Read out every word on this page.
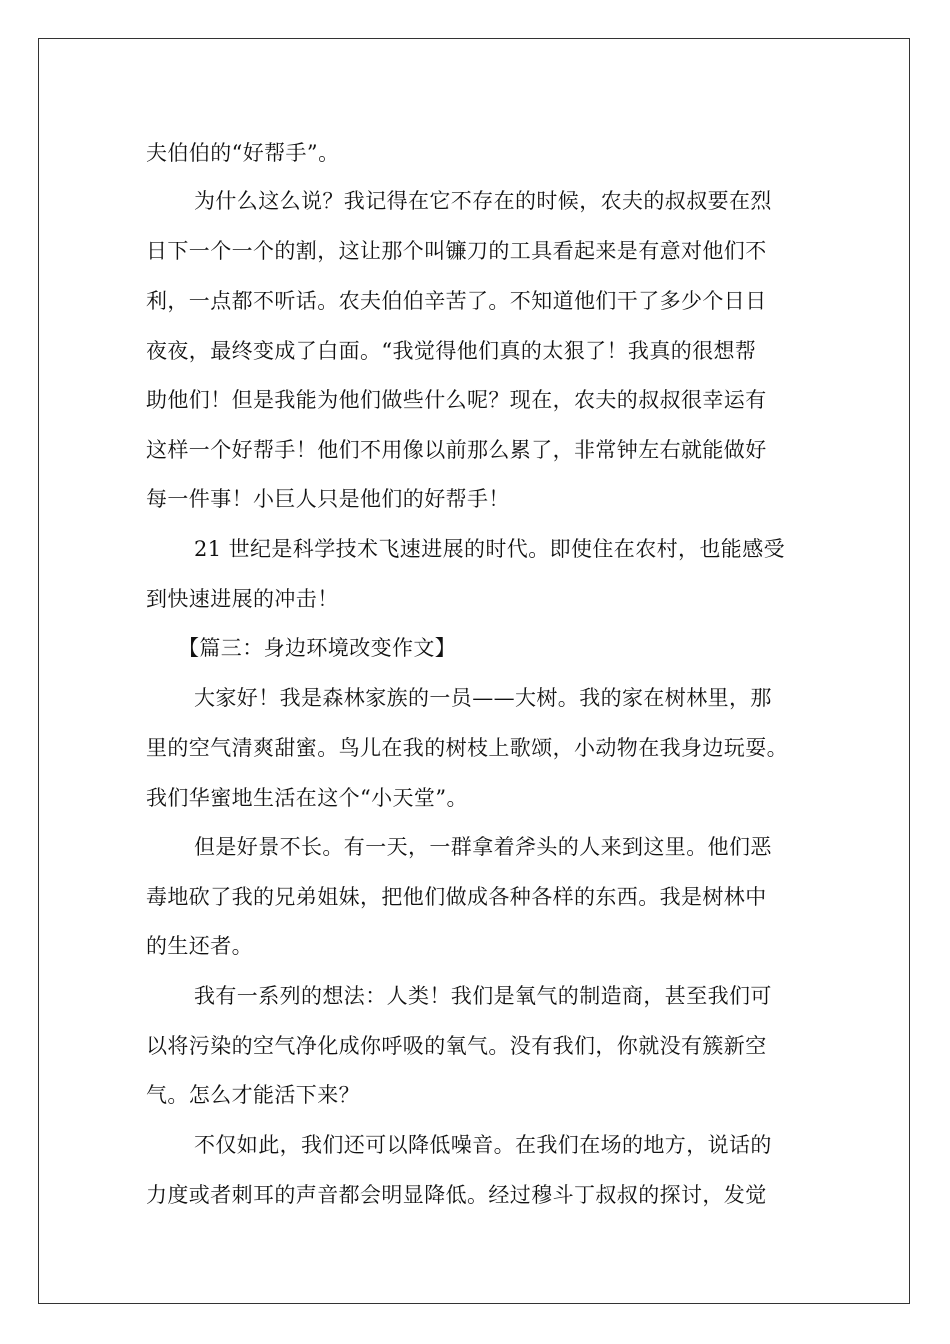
夫伯伯的“好帮手”。
为什么这么说？我记得在它不存在的时候，农夫的叔叔要在烈
日下一个一个的割，这让那个叫镰刀的工具看起来是有意对他们不
利，一点都不听话。农夫伯伯辛苦了。不知道他们干了多少个日日
夜夜，最终变成了白面。“我觉得他们真的太狠了！我真的很想帮
助他们！但是我能为他们做些什么呢？现在，农夫的叔叔很幸运有
这样一个好帮手！他们不用像以前那么累了，非常钟左右就能做好
每一件事！小巨人只是他们的好帮手！
21 世纪是科学技术飞速进展的时代。即使住在农村，也能感受
到快速进展的冲击！
【篇三：身边环境改变作文】
大家好！我是森林家族的一员——大树。我的家在树林里，那
里的空气清爽甜蜜。鸟儿在我的树枝上歌颂，小动物在我身边玩耍。
我们华蜜地生活在这个“小天堂”。
但是好景不长。有一天，一群拿着斧头的人来到这里。他们恶
毒地砍了我的兄弟姐妹，把他们做成各种各样的东西。我是树林中
的生还者。
我有一系列的想法：人类！我们是氧气的制造商，甚至我们可
以将污染的空气净化成你呼吸的氧气。没有我们，你就没有簇新空
气。怎么才能活下来？
不仅如此，我们还可以降低噪音。在我们在场的地方，说话的
力度或者刺耳的声音都会明显降低。经过穆斗丁叔叔的探讨，发觉
